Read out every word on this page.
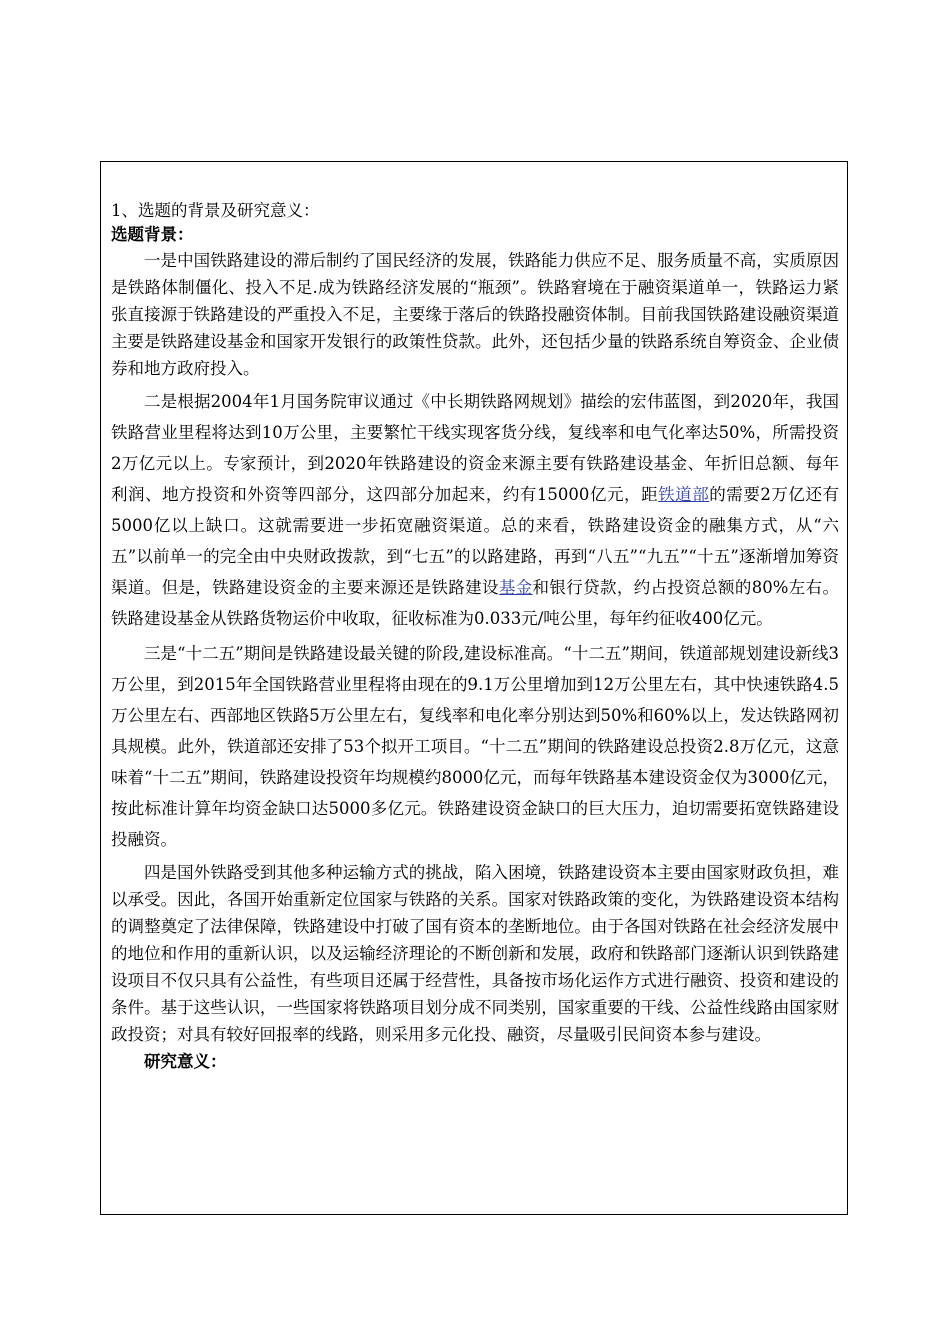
1、选题的背景及研究意义：

选题背景：

一是中国铁路建设的滞后制约了国民经济的发展，铁路能力供应不足、服务质量不高，实质原因是铁路体制僵化、投入不足.成为铁路经济发展的“瓶颈”。铁路窘境在于融资渠道单一，铁路运力紧张直接源于铁路建设的严重投入不足，主要缘于落后的铁路投融资体制。目前我国铁路建设融资渠道主要是铁路建设基金和国家开发银行的政策性贷款。此外，还包括少量的铁路系统自筹资金、企业债券和地方政府投入。

二是根据2004年1月国务院审议通过《中长期铁路网规划》描绘的宏伟蓝图，到2020年，我国铁路营业里程将达到10万公里，主要繁忙干线实现客货分线，复线率和电气化率达50%，所需投资2万亿元以上。专家预计，到2020年铁路建设的资金来源主要有铁路建设基金、年折旧总额、每年利润、地方投资和外资等四部分，这四部分加起来，约有15000亿元，距铁道部的需要2万亿还有5000亿以上缺口。这就需要进一步拓宽融资渠道。总的来看，铁路建设资金的融集方式，从“六五”以前单一的完全由中央财政拨款，到“七五”的以路建路，再到“八五”“九五”“十五”逐渐增加筹资渠道。但是，铁路建设资金的主要来源还是铁路建设基金和银行贷款，约占投资总额的80%左右。铁路建设基金从铁路货物运价中收取，征收标准为0.033元/吨公里，每年约征收400亿元。

三是“十二五”期间是铁路建设最关键的阶段,建设标准高。“十二五”期间，铁道部规划建设新线3万公里，到2015年全国铁路营业里程将由现在的9.1万公里增加到12万公里左右，其中快速铁路4.5万公里左右、西部地区铁路5万公里左右，复线率和电化率分别达到50%和60%以上，发达铁路网初具规模。此外，铁道部还安排了53个拟开工项目。“十二五”期间的铁路建设总投资2.8万亿元，这意味着“十二五”期间，铁路建设投资年均规模约8000亿元，而每年铁路基本建设资金仅为3000亿元，按此标准计算年均资金缺口达5000多亿元。铁路建设资金缺口的巨大压力，迫切需要拓宽铁路建设投融资。

四是国外铁路受到其他多种运输方式的挑战，陷入困境，铁路建设资本主要由国家财政负担，难以承受。因此，各国开始重新定位国家与铁路的关系。国家对铁路政策的变化，为铁路建设资本结构的调整奠定了法律保障，铁路建设中打破了国有资本的垄断地位。由于各国对铁路在社会经济发展中的地位和作用的重新认识，以及运输经济理论的不断创新和发展，政府和铁路部门逐渐认识到铁路建设项目不仅只具有公益性，有些项目还属于经营性，具备按市场化运作方式进行融资、投资和建设的条件。基于这些认识，一些国家将铁路项目划分成不同类别，国家重要的干线、公益性线路由国家财政投资；对具有较好回报率的线路，则采用多元化投、融资，尽量吸引民间资本参与建设。

研究意义：
